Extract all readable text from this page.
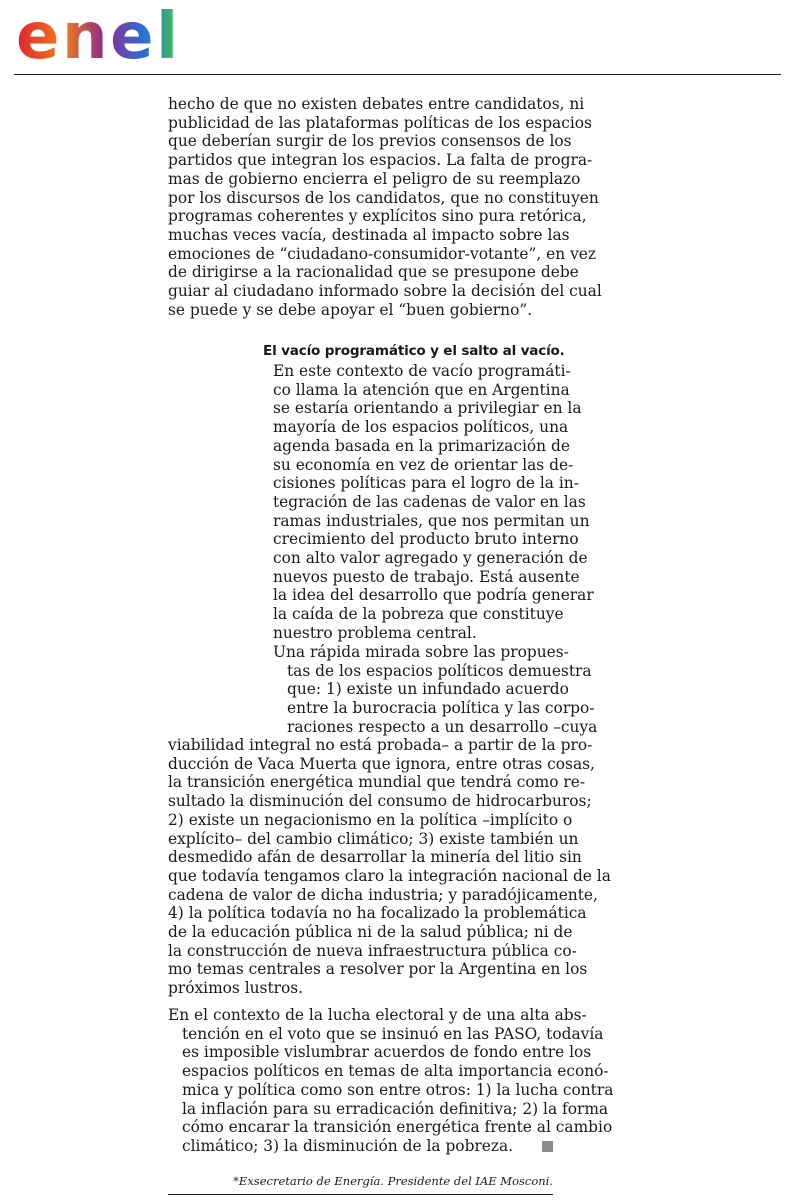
enel

hecho de que no existen debates entre candidatos, ni
publicidad de las plataformas políticas de los espacios
que deberían surgir de los previos consensos de los
partidos que integran los espacios. La falta de progra-
mas de gobierno encierra el peligro de su reemplazo
por los discursos de los candidatos, que no constituyen
programas coherentes y explícitos sino pura retórica,
muchas veces vacía, destinada al impacto sobre las
emociones de “ciudadano-consumidor-votante”, en vez
de dirigirse a la racionalidad que se presupone debe
guiar al ciudadano informado sobre la decisión del cual
se puede y se debe apoyar el “buen gobierno”.

El vacío programático y el salto al vacío.

En este contexto de vacío programáti-
co llama la atención que en Argentina
se estaría orientando a privilegiar en la
mayoría de los espacios políticos, una
agenda basada en la primarización de
su economía en vez de orientar las de-
cisiones políticas para el logro de la in-
tegración de las cadenas de valor en las
ramas industriales, que nos permitan un
crecimiento del producto bruto interno
con alto valor agregado y generación de
nuevos puesto de trabajo. Está ausente
la idea del desarrollo que podría generar
la caída de la pobreza que constituye
nuestro problema central.

Una rápida mirada sobre las propues-
tas de los espacios políticos demuestra
que: 1) existe un infundado acuerdo
entre la burocracia política y las corpo-
raciones respecto a un desarrollo –cuya

viabilidad integral no está probada– a partir de la pro-
ducción de Vaca Muerta que ignora, entre otras cosas,
la transición energética mundial que tendrá como re-
sultado la disminución del consumo de hidrocarburos;
2) existe un negacionismo en la política –implícito o
explícito– del cambio climático; 3) existe también un
desmedido afán de desarrollar la minería del litio sin
que todavía tengamos claro la integración nacional de la
cadena de valor de dicha industria; y paradójicamente,
4) la política todavía no ha focalizado la problemática
de la educación pública ni de la salud pública; ni de
la construcción de nueva infraestructura pública co-
mo temas centrales a resolver por la Argentina en los
próximos lustros.

En el contexto de la lucha electoral y de una alta abs-
tención en el voto que se insinuó en las PASO, todavía
es imposible vislumbrar acuerdos de fondo entre los
espacios políticos en temas de alta importancia econó-
mica y política como son entre otros: 1) la lucha contra
la inflación para su erradicación definitiva; 2) la forma
cómo encarar la transición energética frente al cambio
climático; 3) la disminución de la pobreza.

*Exsecretario de Energía. Presidente del IAE Mosconi.
